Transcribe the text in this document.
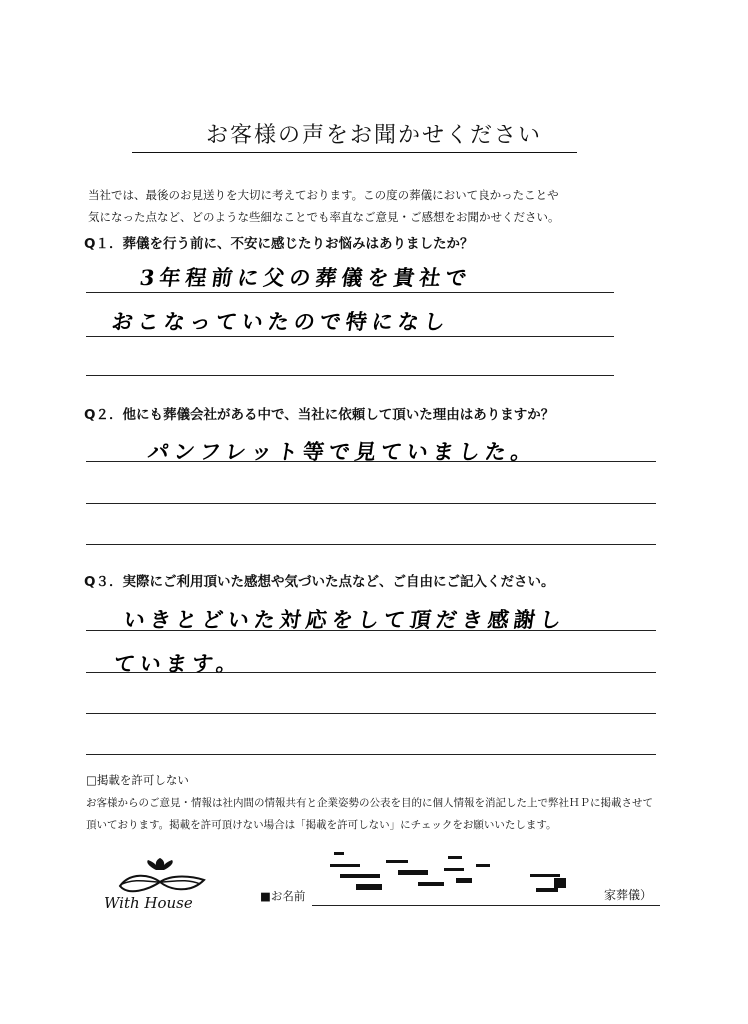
お客様の声をお聞かせください
当社では、最後のお見送りを大切に考えております。この度の葬儀において良かったことや
気になった点など、どのような些細なことでも率直なご意見・ご感想をお聞かせください。
Q１．葬儀を行う前に、不安に感じたりお悩みはありましたか？
3年程前に父の葬儀を貴社で
おこなっていたので特になし
Q２．他にも葬儀会社がある中で、当社に依頼して頂いた理由はありますか？
パンフレット等で見ていました。
Q３．実際にご利用頂いた感想や気づいた点など、ご自由にご記入ください。
いきとどいた対応をして頂だき感謝し
ています。
□掲載を許可しない
お客様からのご意見・情報は社内間の情報共有と企業姿勢の公表を目的に個人情報を消記した上で弊社ＨＰに掲載させて
頂いております。掲載を許可頂けない場合は「掲載を許可しない」にチェックをお願いいたします。
With House	■お名前	家葬儀）
